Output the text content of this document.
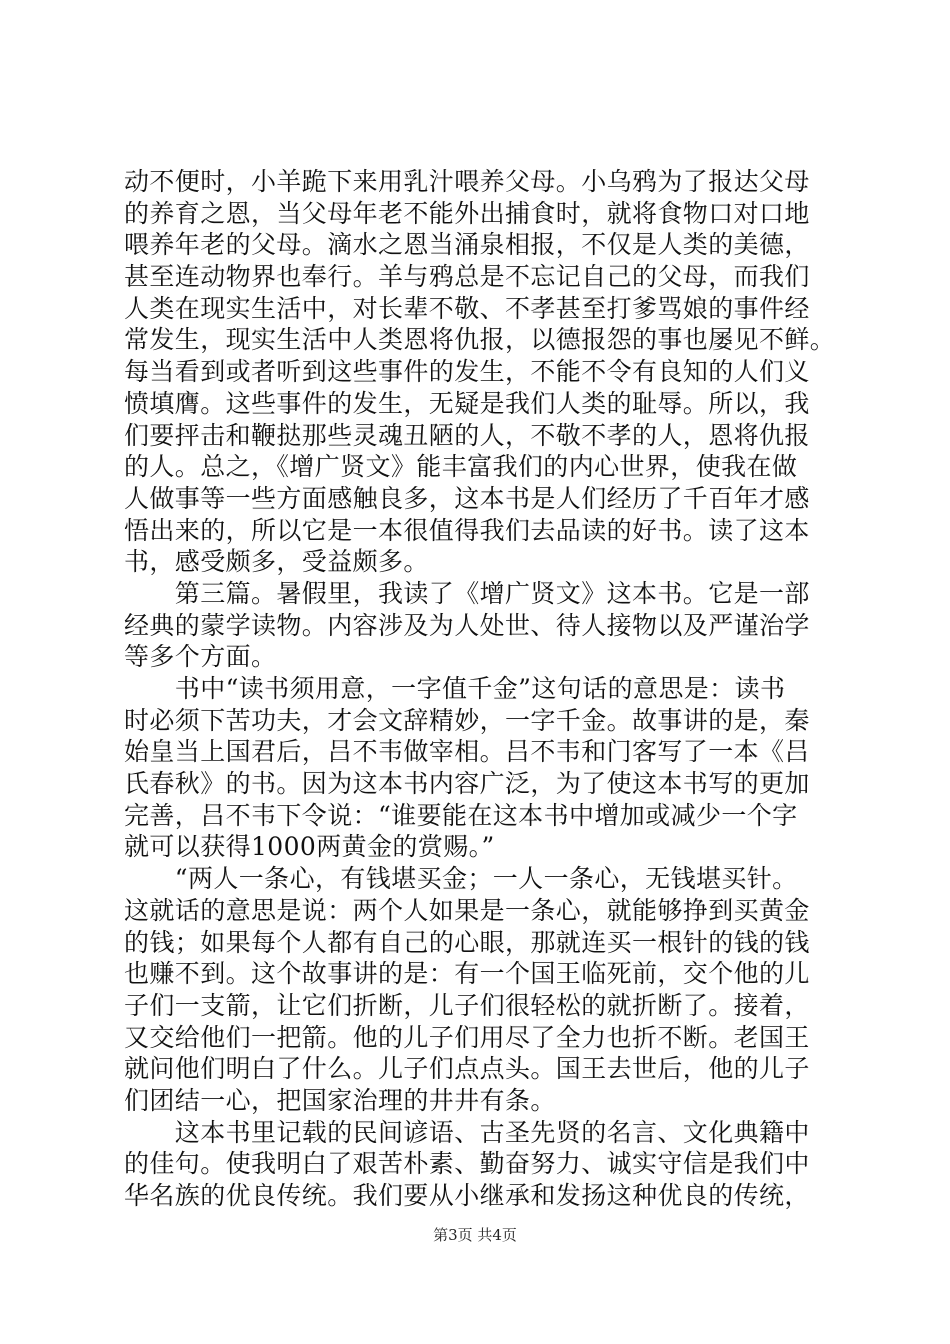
动不便时，小羊跪下来用乳汁喂养父母。小乌鸦为了报达父母
的养育之恩，当父母年老不能外出捕食时，就将食物口对口地
喂养年老的父母。滴水之恩当涌泉相报，不仅是人类的美德，
甚至连动物界也奉行。羊与鸦总是不忘记自己的父母，而我们
人类在现实生活中，对长辈不敬、不孝甚至打爹骂娘的事件经
常发生，现实生活中人类恩将仇报，以德报怨的事也屡见不鲜。
每当看到或者听到这些事件的发生，不能不令有良知的人们义
愤填膺。这些事件的发生，无疑是我们人类的耻辱。所以，我
们要抨击和鞭挞那些灵魂丑陋的人，不敬不孝的人，恩将仇报
的人。总之，《增广贤文》能丰富我们的内心世界，使我在做
人做事等一些方面感触良多，这本书是人们经历了千百年才感
悟出来的，所以它是一本很值得我们去品读的好书。读了这本
书，感受颇多，受益颇多。
　　第三篇。暑假里，我读了《增广贤文》这本书。它是一部
经典的蒙学读物。内容涉及为人处世、待人接物以及严谨治学
等多个方面。
　　书中“读书须用意，一字值千金”这句话的意思是：读书
时必须下苦功夫，才会文辞精妙，一字千金。故事讲的是，秦
始皇当上国君后，吕不韦做宰相。吕不韦和门客写了一本《吕
氏春秋》的书。因为这本书内容广泛，为了使这本书写的更加
完善，吕不韦下令说：“谁要能在这本书中增加或减少一个字
就可以获得1000两黄金的赏赐。”
　　“两人一条心，有钱堪买金；一人一条心，无钱堪买针。
这就话的意思是说：两个人如果是一条心，就能够挣到买黄金
的钱；如果每个人都有自己的心眼，那就连买一根针的钱的钱
也赚不到。这个故事讲的是：有一个国王临死前，交个他的儿
子们一支箭，让它们折断，儿子们很轻松的就折断了。接着，
又交给他们一把箭。他的儿子们用尽了全力也折不断。老国王
就问他们明白了什么。儿子们点点头。国王去世后，他的儿子
们团结一心，把国家治理的井井有条。
　　这本书里记载的民间谚语、古圣先贤的名言、文化典籍中
的佳句。使我明白了艰苦朴素、勤奋努力、诚实守信是我们中
华名族的优良传统。我们要从小继承和发扬这种优良的传统，
第3页 共4页
